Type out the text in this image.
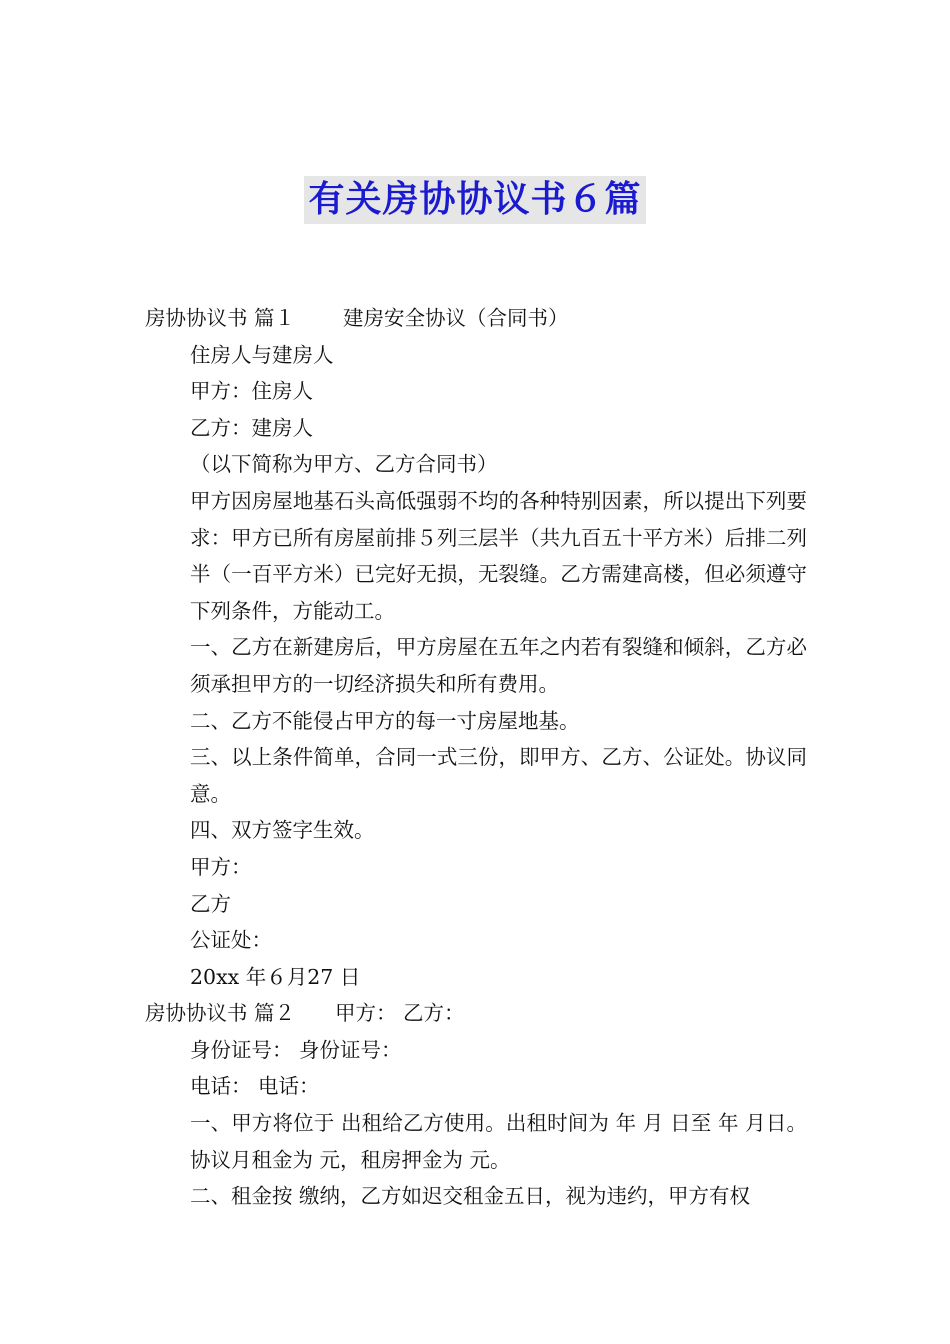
有关房协协议书６篇

房协协议书 篇１ 建房安全协议（合同书）

住房人与建房人

甲方：住房人

乙方：建房人

（以下简称为甲方、乙方合同书）

甲方因房屋地基石头高低强弱不均的各种特别因素，所以提出下列要求：甲方已所有房屋前排５列三层半（共九百五十平方米）后排二列半（一百平方米）已完好无损，无裂缝。乙方需建高楼，但必须遵守下列条件，方能动工。

一、乙方在新建房后，甲方房屋在五年之内若有裂缝和倾斜，乙方必须承担甲方的一切经济损失和所有费用。

二、乙方不能侵占甲方的每一寸房屋地基。

三、以上条件简单，合同一式三份，即甲方、乙方、公证处。协议同意。

四、双方签字生效。

甲方：

乙方

公证处：

20xx 年６月27 日

房协协议书 篇２ 甲方： 乙方：

身份证号： 身份证号：

电话： 电话：

一、甲方将位于 出租给乙方使用。出租时间为 年 月 日至 年 月日。协议月租金为 元，租房押金为 元。

二、租金按 缴纳，乙方如迟交租金五日，视为违约，甲方有权
